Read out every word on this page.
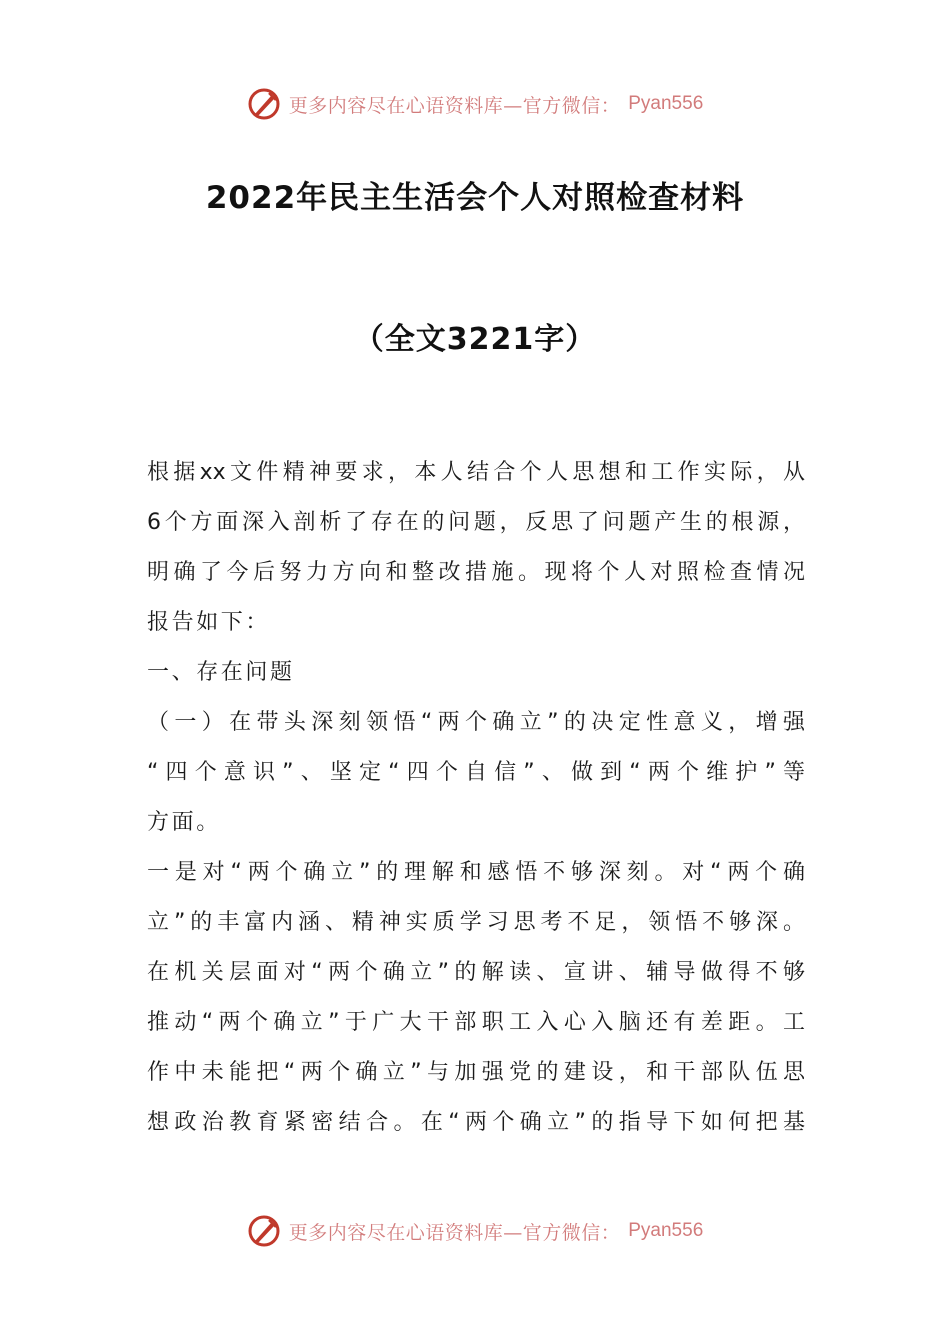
更多内容尽在心语资料库—官方微信： Pyan556
2022年民主生活会个人对照检查材料
（全文3221字）
根据xx文件精神要求，本人结合个人思想和工作实际，从
6个方面深入剖析了存在的问题，反思了问题产生的根源，
明确了今后努力方向和整改措施。现将个人对照检查情况
报告如下：
一、存在问题
（一）在带头深刻领悟“两个确立”的决定性意义，增强
“四个意识”、坚定“四个自信”、做到“两个维护”等
方面。
一是对“两个确立”的理解和感悟不够深刻。对“两个确
立”的丰富内涵、精神实质学习思考不足，领悟不够深。
在机关层面对“两个确立”的解读、宣讲、辅导做得不够
推动“两个确立”于广大干部职工入心入脑还有差距。工
作中未能把“两个确立”与加强党的建设，和干部队伍思
想政治教育紧密结合。在“两个确立”的指导下如何把基
更多内容尽在心语资料库—官方微信： Pyan556
